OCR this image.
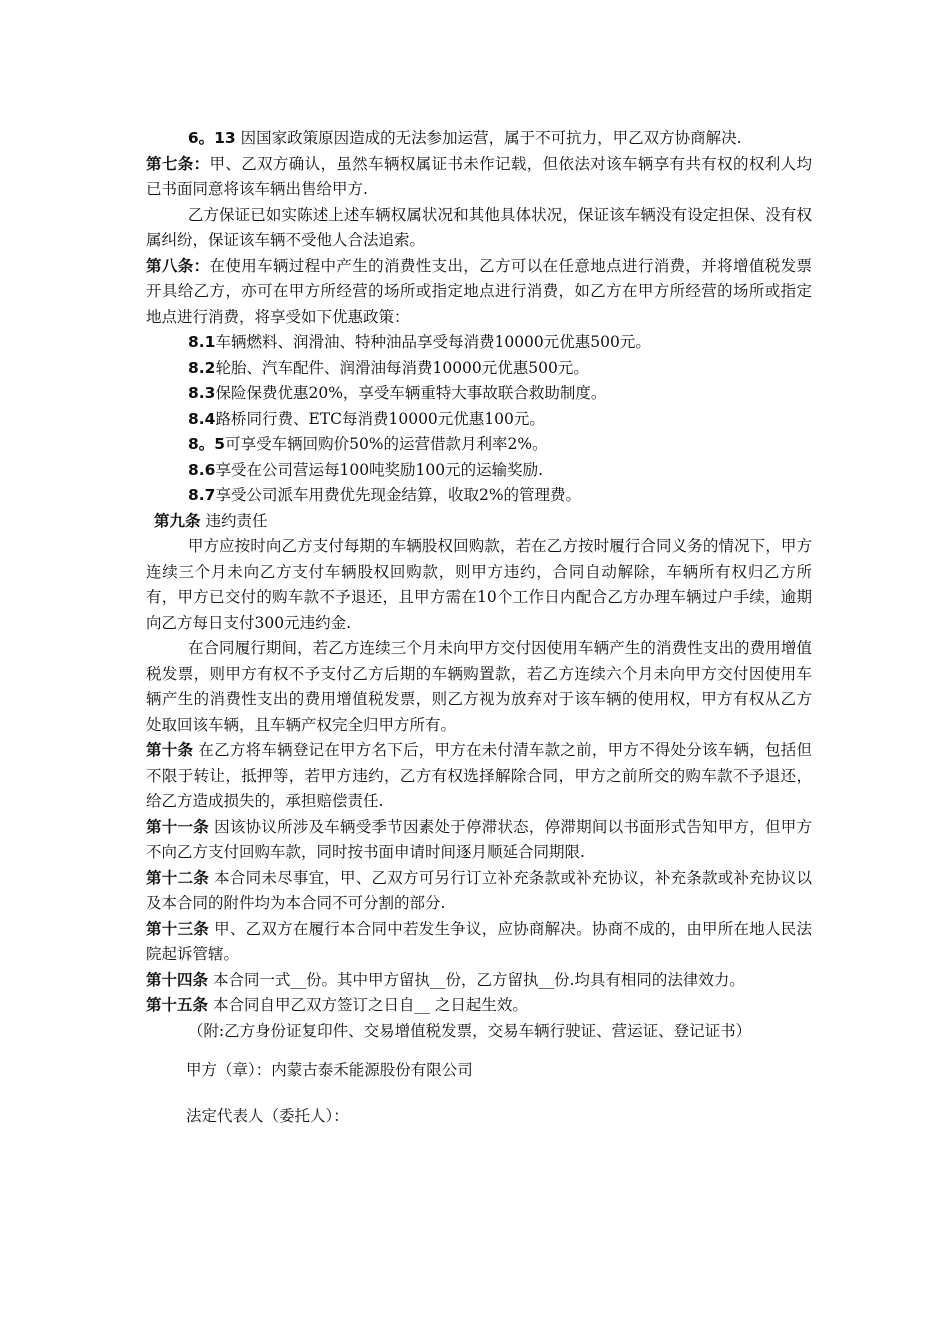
6。13 因国家政策原因造成的无法参加运营，属于不可抗力，甲乙双方协商解决.

第七条：甲、乙双方确认，虽然车辆权属证书未作记载，但依法对该车辆享有共有权的权利人均已书面同意将该车辆出售给甲方.

乙方保证已如实陈述上述车辆权属状况和其他具体状况，保证该车辆没有设定担保、没有权属纠纷，保证该车辆不受他人合法追索。

第八条：在使用车辆过程中产生的消费性支出，乙方可以在任意地点进行消费，并将增值税发票开具给乙方，亦可在甲方所经营的场所或指定地点进行消费，如乙方在甲方所经营的场所或指定地点进行消费，将享受如下优惠政策：

8.1车辆燃料、润滑油、特种油品享受每消费10000元优惠500元。

8.2轮胎、汽车配件、润滑油每消费10000元优惠500元。

8.3保险保费优惠20%，享受车辆重特大事故联合救助制度。

8.4路桥同行费、ETC每消费10000元优惠100元。

8。5可享受车辆回购价50%的运营借款月利率2%。

8.6享受在公司营运每100吨奖励100元的运输奖励.

8.7享受公司派车用费优先现金结算，收取2%的管理费。

第九条 违约责任

甲方应按时向乙方支付每期的车辆股权回购款，若在乙方按时履行合同义务的情况下，甲方连续三个月未向乙方支付车辆股权回购款，则甲方违约，合同自动解除，车辆所有权归乙方所有，甲方已交付的购车款不予退还，且甲方需在10个工作日内配合乙方办理车辆过户手续，逾期向乙方每日支付300元违约金.

在合同履行期间，若乙方连续三个月未向甲方交付因使用车辆产生的消费性支出的费用增值税发票，则甲方有权不予支付乙方后期的车辆购置款，若乙方连续六个月未向甲方交付因使用车辆产生的消费性支出的费用增值税发票，则乙方视为放弃对于该车辆的使用权，甲方有权从乙方处取回该车辆，且车辆产权完全归甲方所有。

第十条 在乙方将车辆登记在甲方名下后，甲方在未付清车款之前，甲方不得处分该车辆，包括但不限于转让，抵押等，若甲方违约，乙方有权选择解除合同，甲方之前所交的购车款不予退还，给乙方造成损失的，承担赔偿责任.

第十一条 因该协议所涉及车辆受季节因素处于停滞状态，停滞期间以书面形式告知甲方，但甲方不向乙方支付回购车款，同时按书面申请时间逐月顺延合同期限.

第十二条 本合同未尽事宜，甲、乙双方可另行订立补充条款或补充协议，补充条款或补充协议以及本合同的附件均为本合同不可分割的部分.

第十三条 甲、乙双方在履行本合同中若发生争议，应协商解决。协商不成的，由甲所在地人民法院起诉管辖。

第十四条 本合同一式__份。其中甲方留执__份，乙方留执__份.均具有相同的法律效力。

第十五条 本合同自甲乙双方签订之日自__ 之日起生效。

（附:乙方身份证复印件、交易增值税发票，交易车辆行驶证、营运证、登记证书）

甲方（章）：内蒙古泰禾能源股份有限公司

法定代表人（委托人）：
